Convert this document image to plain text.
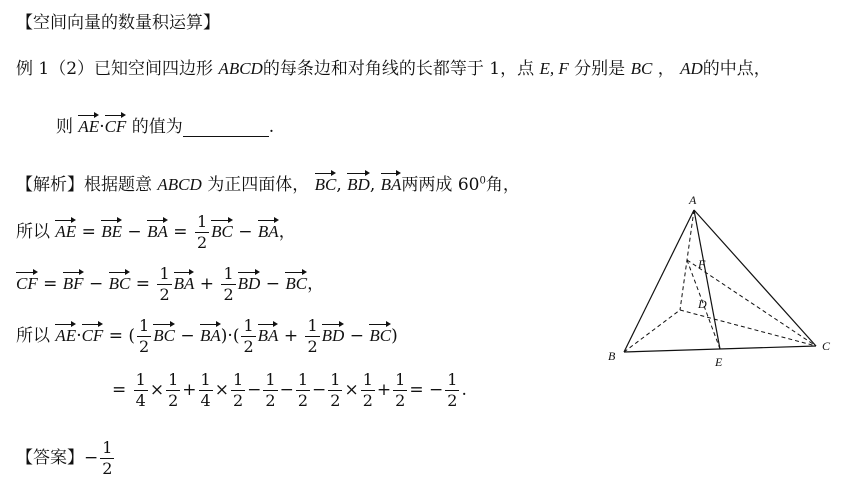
【空间向量的数量积运算】
例 1（2）已知空间四边形 ABCD的每条边和对角线的长都等于 1，点 E, F 分别是 BC ， AD的中点，
则 AE·CF 的值为	.
【解析】根据题意 ABCD 为正四面体， BC, BD, BA两两成 $60^0$角，
所以 AE = BE − BA = $\frac{1}{2}$ BC − BA，
CF = BF − BC = $\frac{1}{2}$ BA + $\frac{1}{2}$ BD − BC，
所以 AE·CF = ( $\frac{1}{2}$ BC − $BA)\cdot( \frac{1}{2}$ BA + $\frac{1}{2}$ BD − BC)
= $\frac{1}{4} \times \frac{1}{2} + \frac{1}{4} \times \frac{1}{2} - \frac{1}{2} - \frac{1}{2} - \frac{1}{2} \times \frac{1}{2} + \frac{1}{2}$ = − $\frac{1}{2}$ .
【答案】− $\frac{1}{2}$
A
B
C
D
E
F
